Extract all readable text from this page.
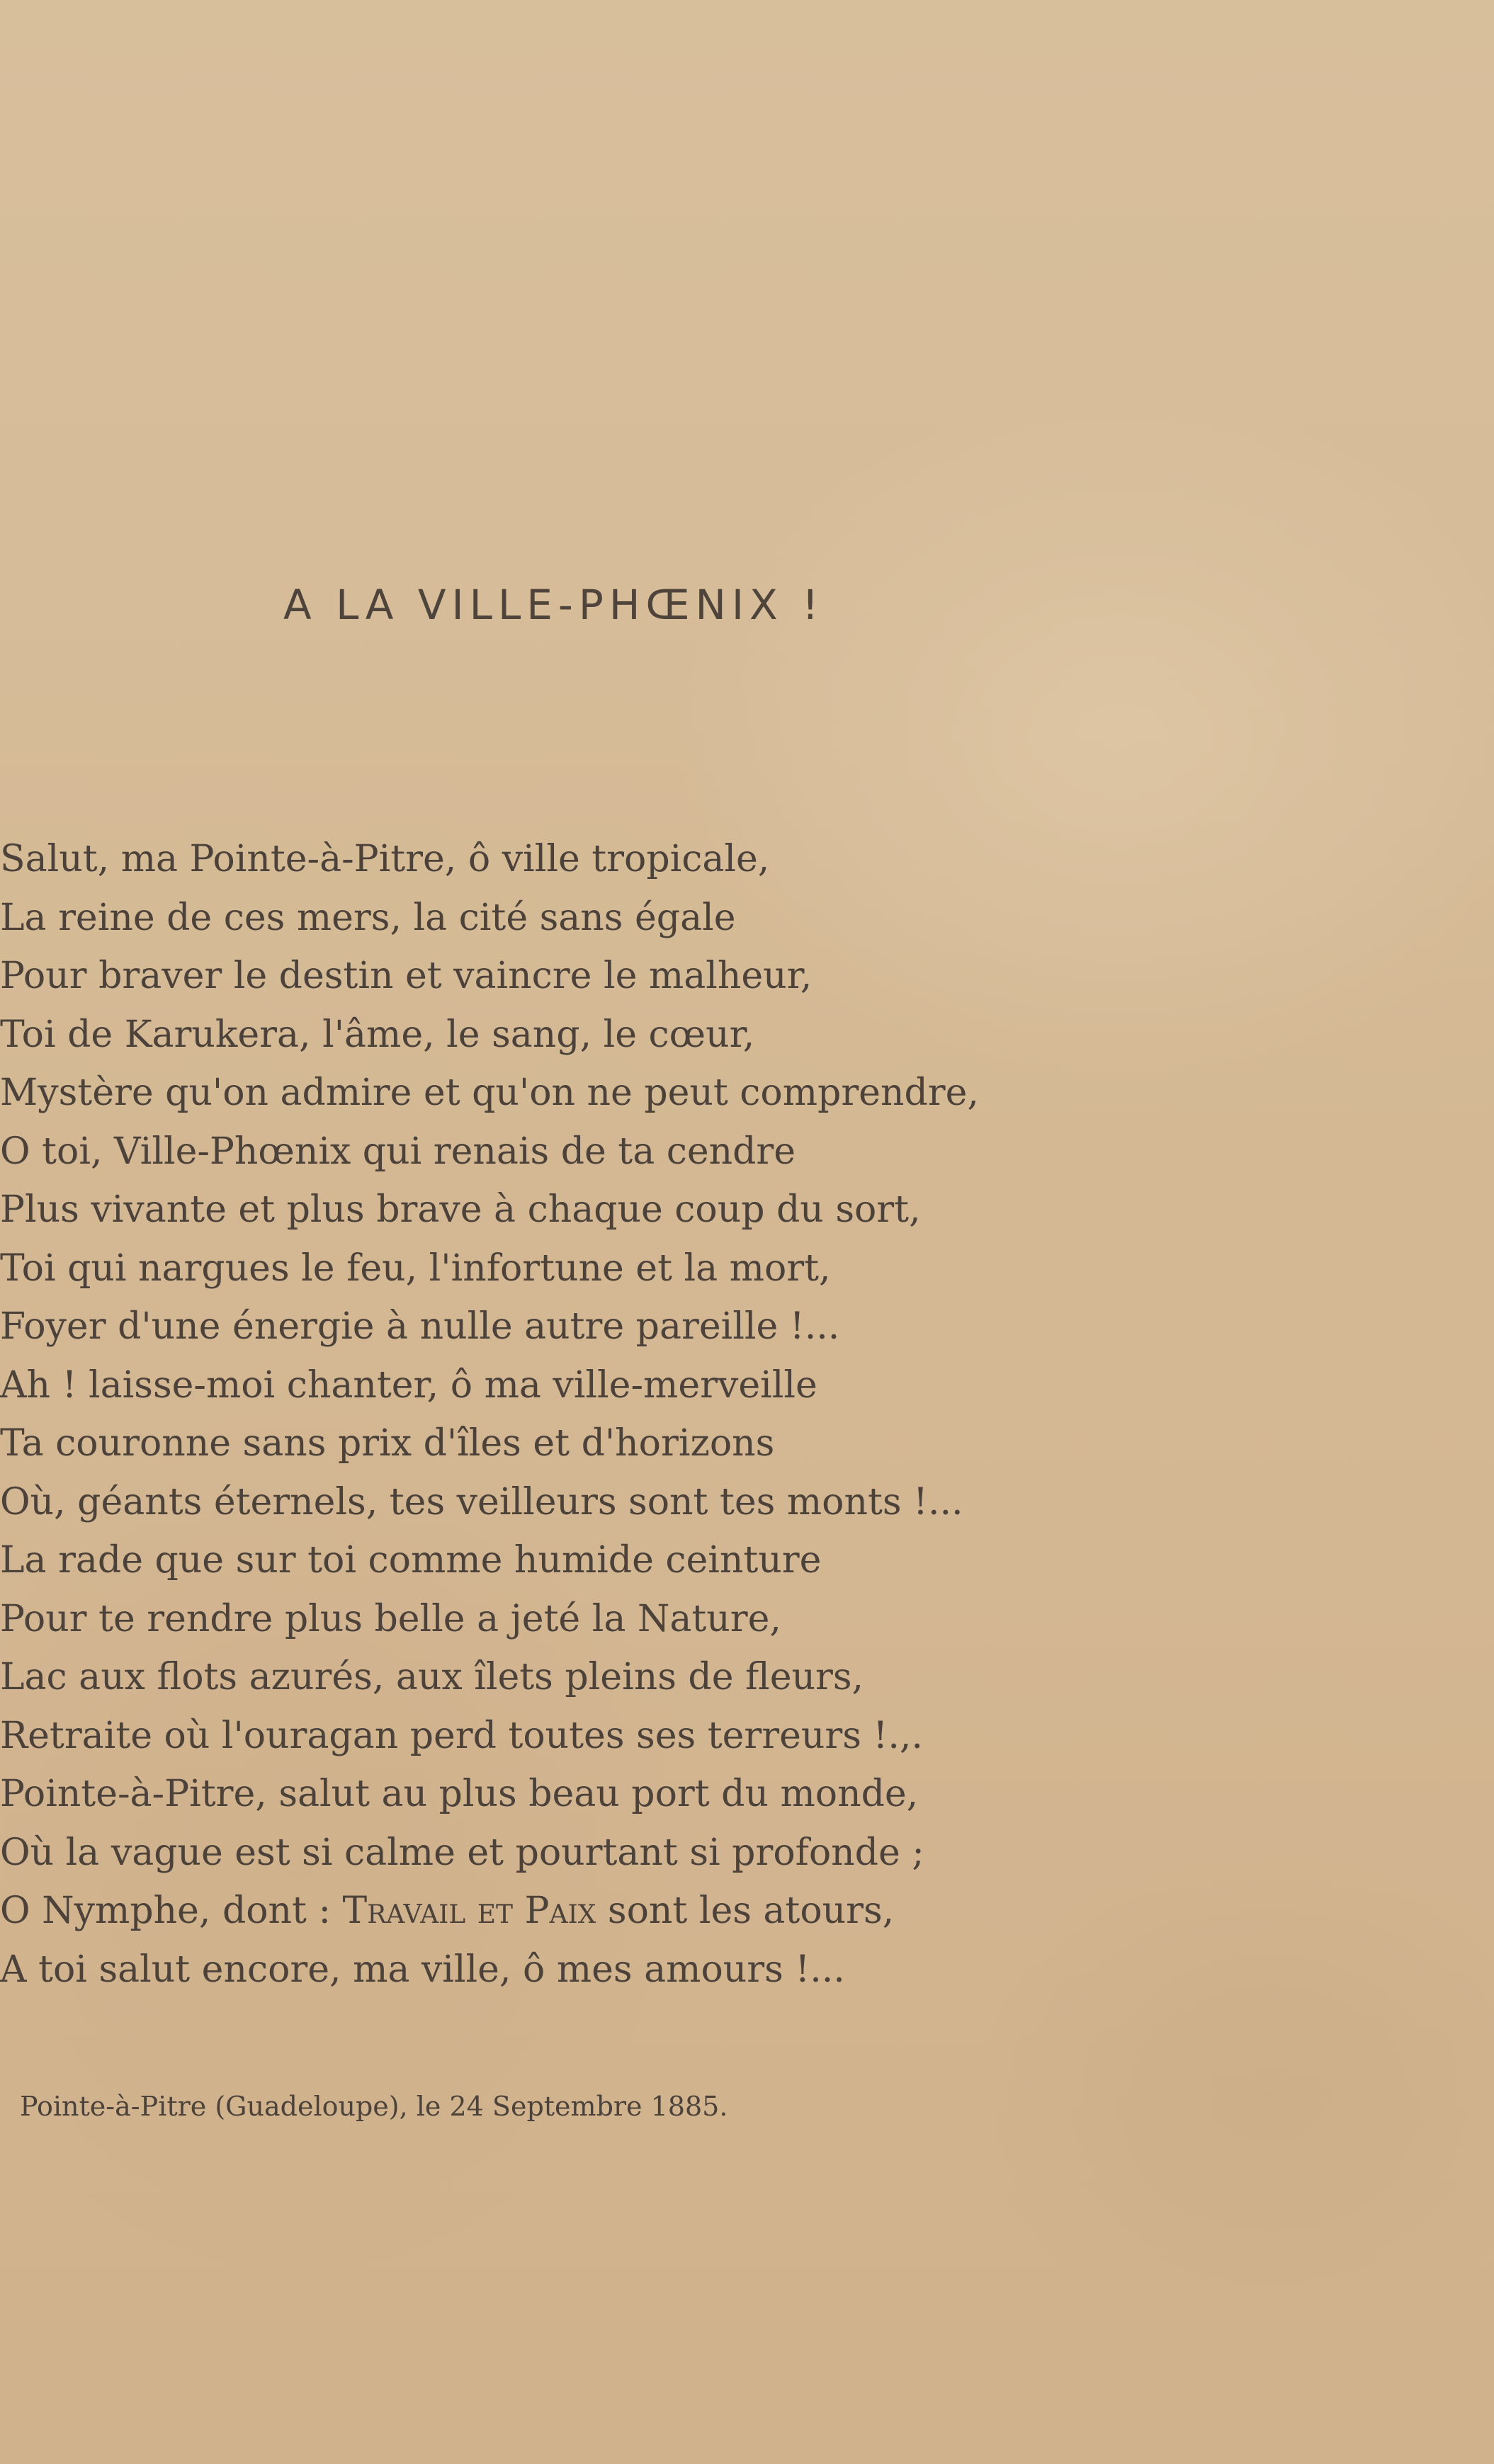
A LA VILLE-PHŒNIX !
Salut, ma Pointe-à-Pitre, ô ville tropicale,
La reine de ces mers, la cité sans égale
Pour braver le destin et vaincre le malheur,
Toi de Karukera, l'âme, le sang, le cœur,
Mystère qu'on admire et qu'on ne peut comprendre,
O toi, Ville-Phœnix qui renais de ta cendre
Plus vivante et plus brave à chaque coup du sort,
Toi qui nargues le feu, l'infortune et la mort,
Foyer d'une énergie à nulle autre pareille !...
Ah ! laisse-moi chanter, ô ma ville-merveille
Ta couronne sans prix d'îles et d'horizons
Où, géants éternels, tes veilleurs sont tes monts !...
La rade que sur toi comme humide ceinture
Pour te rendre plus belle a jeté la Nature,
Lac aux flots azurés, aux îlets pleins de fleurs,
Retraite où l'ouragan perd toutes ses terreurs !.,.
Pointe-à-Pitre, salut au plus beau port du monde,
Où la vague est si calme et pourtant si profonde ;
O Nymphe, dont : Travail et Paix sont les atours,
A toi salut encore, ma ville, ô mes amours !...

Pointe-à-Pitre (Guadeloupe), le 24 Septembre 1885.
